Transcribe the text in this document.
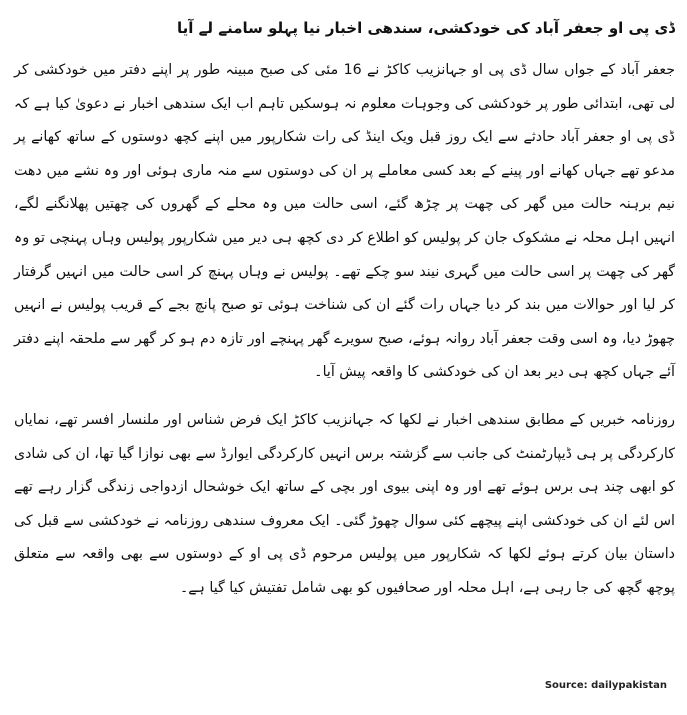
ڈی پی او جعفر آباد کی خودکشی، سندھی اخبار نیا پہلو سامنے لے آیا

جعفر آباد کے جواں سال ڈی پی او جہانزیب کاکڑ نے 16 مئی کی صبح مبینہ طور پر اپنے دفتر میں خودکشی کر لی تھی، ابتدائی طور پر خودکشی کی وجوہات معلوم نہ ہوسکیں تاہم اب ایک سندھی اخبار نے دعویٰ کیا ہے کہ ڈی پی او جعفر آباد حادثے سے ایک روز قبل ویک اینڈ کی رات شکارپور میں اپنے کچھ دوستوں کے ساتھ کھانے پر مدعو تھے جہاں کھانے اور پینے کے بعد کسی معاملے پر ان کی دوستوں سے منہ ماری ہوئی اور وہ نشے میں دھت نیم برہنہ حالت میں گھر کی چھت پر چڑھ گئے، اسی حالت میں وہ محلے کے گھروں کی چھتیں پھلانگنے لگے، انہیں اہل محلہ نے مشکوک جان کر پولیس کو اطلاع کر دی کچھ ہی دیر میں شکارپور پولیس وہاں پہنچی تو وہ گھر کی چھت پر اسی حالت میں گہری نیند سو چکے تھے۔ پولیس نے وہاں پہنچ کر اسی حالت میں انہیں گرفتار کر لیا اور حوالات میں بند کر دیا جہاں رات گئے ان کی شناخت ہوئی تو صبح پانچ بجے کے قریب پولیس نے انہیں چھوڑ دیا، وہ اسی وقت جعفر آباد روانہ ہوئے، صبح سویرے گھر پہنچے اور تازہ دم ہو کر گھر سے ملحقہ اپنے دفتر آئے جہاں کچھ ہی دیر بعد ان کی خودکشی کا واقعہ پیش آیا۔

روزنامہ خبریں کے مطابق سندھی اخبار نے لکھا کہ جہانزیب کاکڑ ایک فرض شناس اور ملنسار افسر تھے، نمایاں کارکردگی پر ہی ڈیپارٹمنٹ کی جانب سے گزشتہ برس انہیں کارکردگی ایوارڈ سے بھی نوازا گیا تھا، ان کی شادی کو ابھی چند ہی برس ہوئے تھے اور وہ اپنی بیوی اور بچی کے ساتھ ایک خوشحال ازدواجی زندگی گزار رہے تھے اس لئے ان کی خودکشی اپنے پیچھے کئی سوال چھوڑ گئی۔ ایک معروف سندھی روزنامہ نے خودکشی سے قبل کی داستان بیان کرتے ہوئے لکھا کہ شکارپور میں پولیس مرحوم ڈی پی او کے دوستوں سے بھی واقعہ سے متعلق پوچھ گچھ کی جا رہی ہے، اہل محلہ اور صحافیوں کو بھی شامل تفتیش کیا گیا ہے۔

Source: dailypakistan
